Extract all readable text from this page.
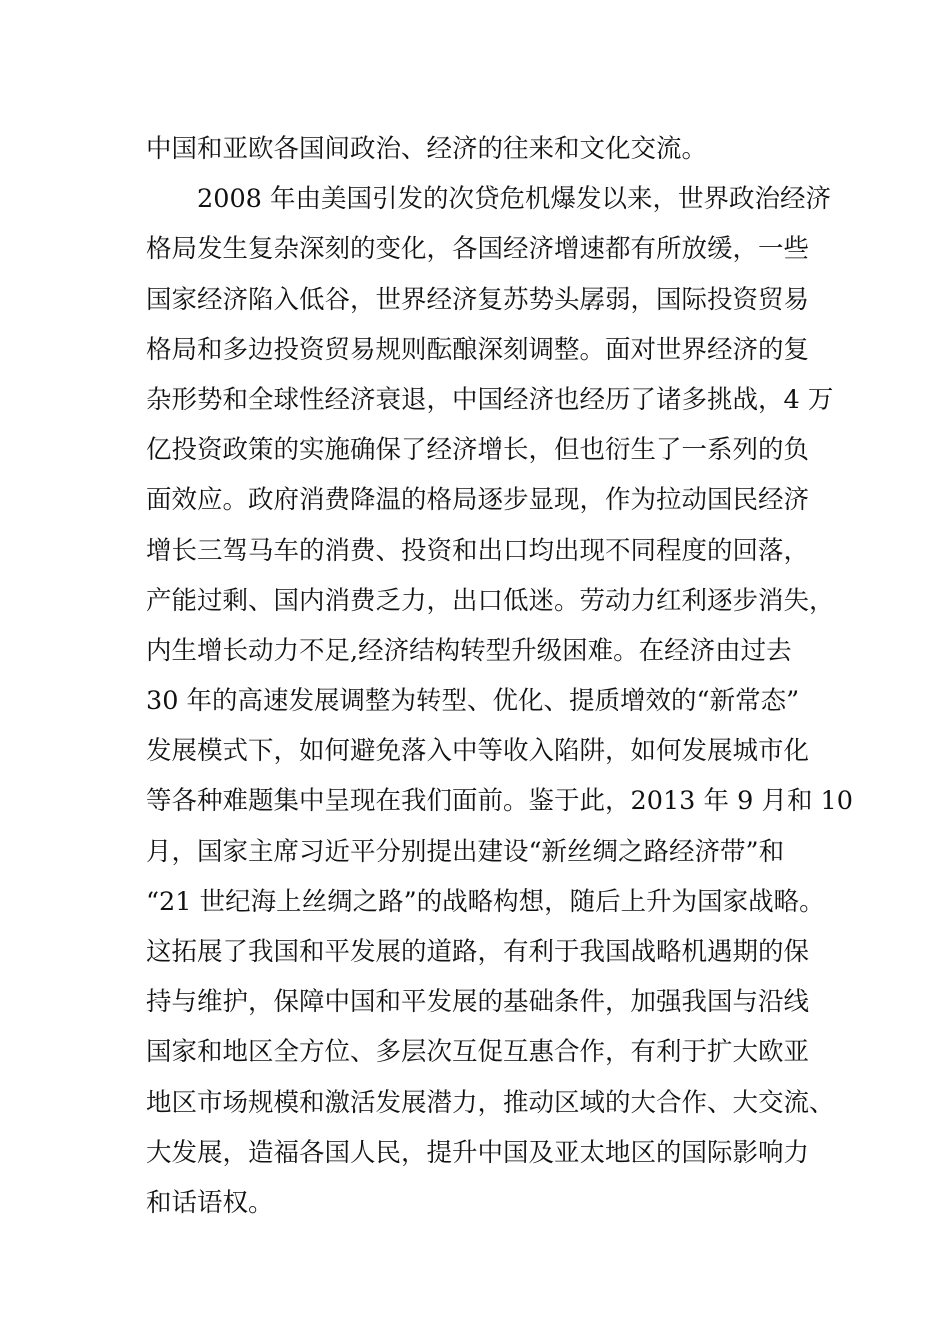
中国和亚欧各国间政治、经济的往来和文化交流。
2008 年由美国引发的次贷危机爆发以来，世界政治经济
格局发生复杂深刻的变化，各国经济增速都有所放缓，一些
国家经济陷入低谷，世界经济复苏势头孱弱，国际投资贸易
格局和多边投资贸易规则酝酿深刻调整。面对世界经济的复
杂形势和全球性经济衰退，中国经济也经历了诸多挑战，4 万
亿投资政策的实施确保了经济增长，但也衍生了一系列的负
面效应。政府消费降温的格局逐步显现，作为拉动国民经济
增长三驾马车的消费、投资和出口均出现不同程度的回落，
产能过剩、国内消费乏力，出口低迷。劳动力红利逐步消失，
内生增长动力不足,经济结构转型升级困难。在经济由过去
30 年的高速发展调整为转型、优化、提质增效的“新常态”
发展模式下，如何避免落入中等收入陷阱，如何发展城市化
等各种难题集中呈现在我们面前。鉴于此，2013 年 9 月和 10
月，国家主席习近平分别提出建设“新丝绸之路经济带”和
“21 世纪海上丝绸之路”的战略构想，随后上升为国家战略。
这拓展了我国和平发展的道路，有利于我国战略机遇期的保
持与维护，保障中国和平发展的基础条件，加强我国与沿线
国家和地区全方位、多层次互促互惠合作，有利于扩大欧亚
地区市场规模和激活发展潜力，推动区域的大合作、大交流、
大发展，造福各国人民，提升中国及亚太地区的国际影响力
和话语权。
